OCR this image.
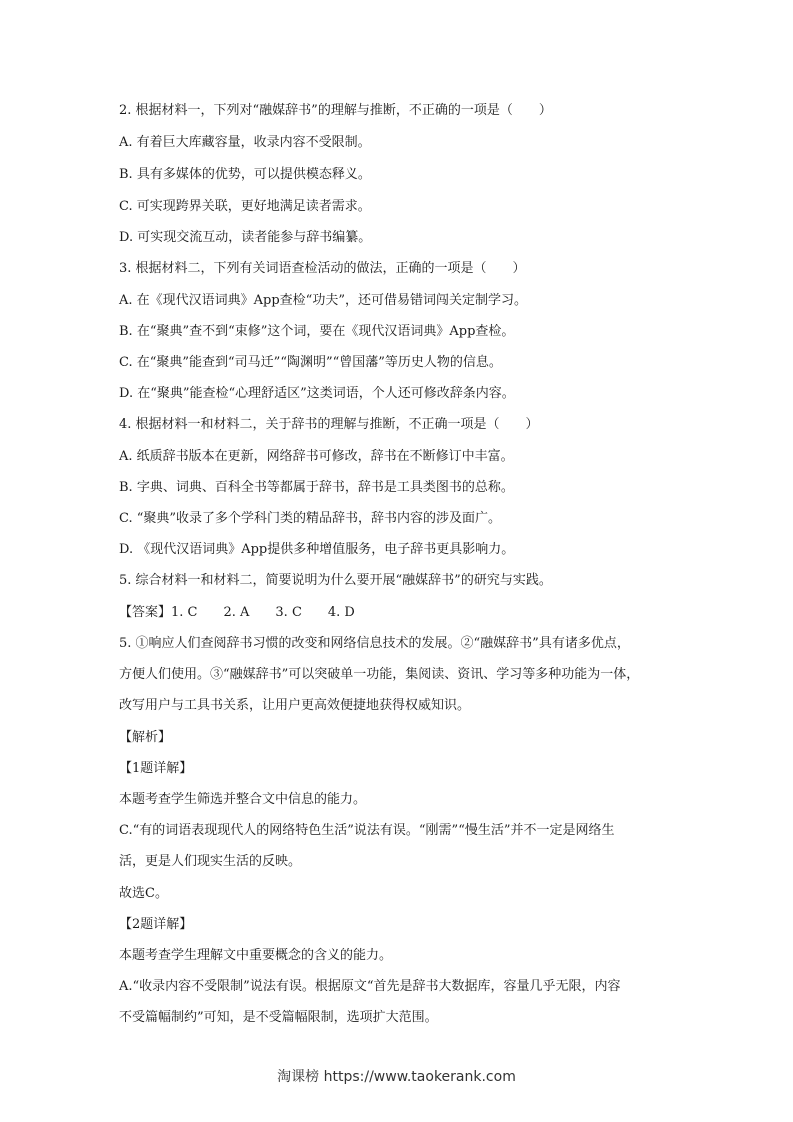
2. 根据材料一，下列对“融媒辞书”的理解与推断，不正确的一项是（　　）
A. 有着巨大库藏容量，收录内容不受限制。
B. 具有多媒体的优势，可以提供模态释义。
C. 可实现跨界关联，更好地满足读者需求。
D. 可实现交流互动，读者能参与辞书编纂。
3. 根据材料二，下列有关词语查检活动的做法，正确的一项是（　　）
A. 在《现代汉语词典》App查检“功夫”，还可借易错词闯关定制学习。
B. 在“聚典”查不到“束修”这个词，要在《现代汉语词典》App查检。
C. 在“聚典”能查到“司马迁”“陶渊明”“曾国藩”等历史人物的信息。
D. 在“聚典”能查检“心理舒适区”这类词语，个人还可修改辞条内容。
4. 根据材料一和材料二，关于辞书的理解与推断，不正确一项是（　　）
A. 纸质辞书版本在更新，网络辞书可修改，辞书在不断修订中丰富。
B. 字典、词典、百科全书等都属于辞书，辞书是工具类图书的总称。
C. “聚典”收录了多个学科门类的精品辞书，辞书内容的涉及面广。
D. 《现代汉语词典》App提供多种增值服务，电子辞书更具影响力。
5. 综合材料一和材料二，简要说明为什么要开展“融媒辞书”的研究与实践。
【答案】1. C　　2. A　　3. C　　4. D
5. ①响应人们查阅辞书习惯的改变和网络信息技术的发展。②“融媒辞书”具有诸多优点，
方便人们使用。③“融媒辞书”可以突破单一功能，集阅读、资讯、学习等多种功能为一体，
改写用户与工具书关系，让用户更高效便捷地获得权威知识。
【解析】
【1题详解】
本题考查学生筛选并整合文中信息的能力。
C.“有的词语表现现代人的网络特色生活”说法有误。“刚需”“慢生活”并不一定是网络生
活，更是人们现实生活的反映。
故选C。
【2题详解】
本题考查学生理解文中重要概念的含义的能力。
A.“收录内容不受限制”说法有误。根据原文“首先是辞书大数据库，容量几乎无限，内容
不受篇幅制约”可知，是不受篇幅限制，选项扩大范围。
淘课榜 https://www.taokerank.com
